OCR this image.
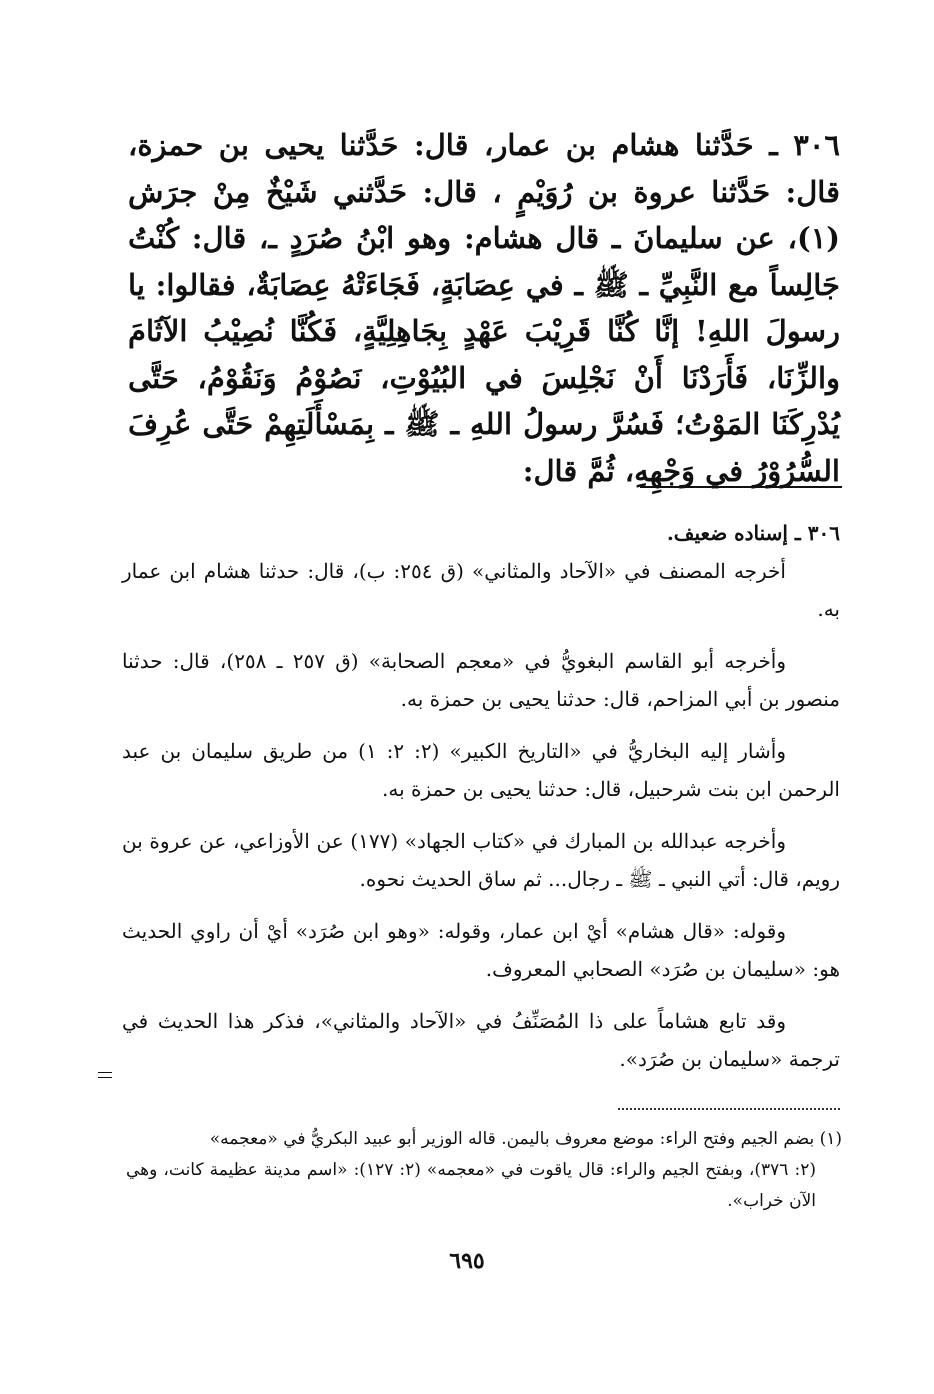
٣٠٦ ـ حَدَّثنا هشام بن عمار، قال: حَدَّثنا يحيى بن حمزة، قال: حَدَّثنا عروة بن رُوَيْمٍ ، قال: حَدَّثني شَيْخٌ مِنْ جرَش (١)، عن سليمانَ ـ قال هشام: وهو ابْنُ صُرَدٍ ـ، قال: كُنْتُ جَالِساً مع النَّبِيِّ ـ ﷺ ـ في عِصَابَةٍ، فَجَاءَتْهُ عِصَابَةٌ، فقالوا: يا رسولَ اللهِ! إنَّا كُنَّا قَرِيْبَ عَهْدٍ بِجَاهِلِيَّةٍ، فَكُنَّا نُصِيْبُ الآثَامَ والزِّنَا، فَأَرَدْنَا أَنْ نَجْلِسَ في البُيُوْتِ، نَصُوْمُ وَنَقُوْمُ، حَتَّى يُدْرِكَنَا المَوْتُ؛ فَسُرَّ رسولُ اللهِ ـ ﷺ ـ بِمَسْأَلَتِهِمْ حَتَّى عُرِفَ السُّرُوْرُ في وَجْهِهِ، ثُمَّ قال:

٣٠٦ ـ إسناده ضعيف.

أخرجه المصنف في «الآحاد والمثاني» (ق ٢٥٤: ب)، قال: حدثنا هشام ابن عمار به.

وأخرجه أبو القاسم البغويُّ في «معجم الصحابة» (ق ٢٥٧ ـ ٢٥٨)، قال: حدثنا منصور بن أبي المزاحم، قال: حدثنا يحيى بن حمزة به.

وأشار إليه البخاريُّ في «التاريخ الكبير» (٢: ٢: ١) من طريق سليمان بن عبد الرحمن ابن بنت شرحبيل، قال: حدثنا يحيى بن حمزة به.

وأخرجه عبدالله بن المبارك في «كتاب الجهاد» (١٧٧) عن الأوزاعي، عن عروة بن رويم، قال: أتي النبي ـ ﷺ ـ رجال... ثم ساق الحديث نحوه.

وقوله: «قال هشام» أيْ ابن عمار، وقوله: «وهو ابن صُرَد» أيْ أن راوي الحديث هو: «سليمان بن صُرَد» الصحابي المعروف.

وقد تابع هشاماً على ذا المُصَنِّفُ في «الآحاد والمثاني»، فذكر هذا الحديث في ترجمة «سليمان بن صُرَد».

(١) بضم الجيم وفتح الراء: موضع معروف باليمن. قاله الوزير أبو عبيد البكريُّ في «معجمه»

(٢: ٣٧٦)، وبفتح الجيم والراء: قال ياقوت في «معجمه» (٢: ١٢٧): «اسم مدينة عظيمة كانت، وهي الآن خراب».

٦٩٥
